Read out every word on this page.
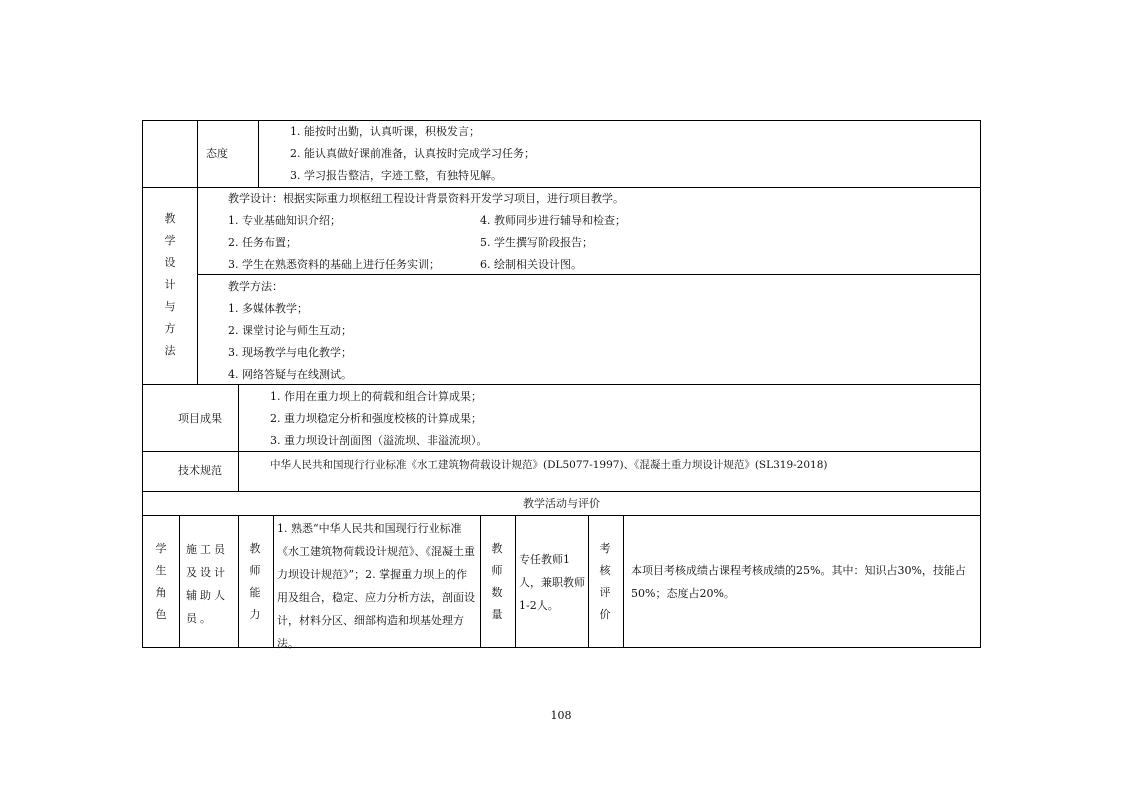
态度
1. 能按时出勤，认真听课，积极发言；
2. 能认真做好课前准备，认真按时完成学习任务；
3. 学习报告整洁，字迹工整，有独特见解。
教
学
设
计
与
方
法
教学设计：根据实际重力坝枢纽工程设计背景资料开发学习项目，进行项目教学。
1. 专业基础知识介绍；
2. 任务布置；
3. 学生在熟悉资料的基础上进行任务实训；
4. 教师同步进行辅导和检查；
5. 学生撰写阶段报告；
6. 绘制相关设计图。
教学方法：
1. 多媒体教学；
2. 课堂讨论与师生互动；
3. 现场教学与电化教学；
4. 网络答疑与在线测试。
项目成果
1. 作用在重力坝上的荷载和组合计算成果；
2. 重力坝稳定分析和强度校核的计算成果；
3. 重力坝设计剖面图（溢流坝、非溢流坝）。
技术规范	中华人民共和国现行行业标准《水工建筑物荷载设计规范》(DL5077-1997)、《混凝土重力坝设计规范》(SL319-2018)
教学活动与评价
学
生
角
色
施工员及设计辅助人员。
教
师
能
力
1. 熟悉“中华人民共和国现行行业标准《水工建筑物荷载设计规范》、《混凝土重力坝设计规范》”；2. 掌握重力坝上的作用及组合，稳定、应力分析方法，剖面设计，材料分区、细部构造和坝基处理方法。
教
师
数
量
专任教师1人，兼职教师1-2人。
考
核
评
价
本项目考核成绩占课程考核成绩的25%。其中：知识占30%，技能占50%；态度占20%。
108
